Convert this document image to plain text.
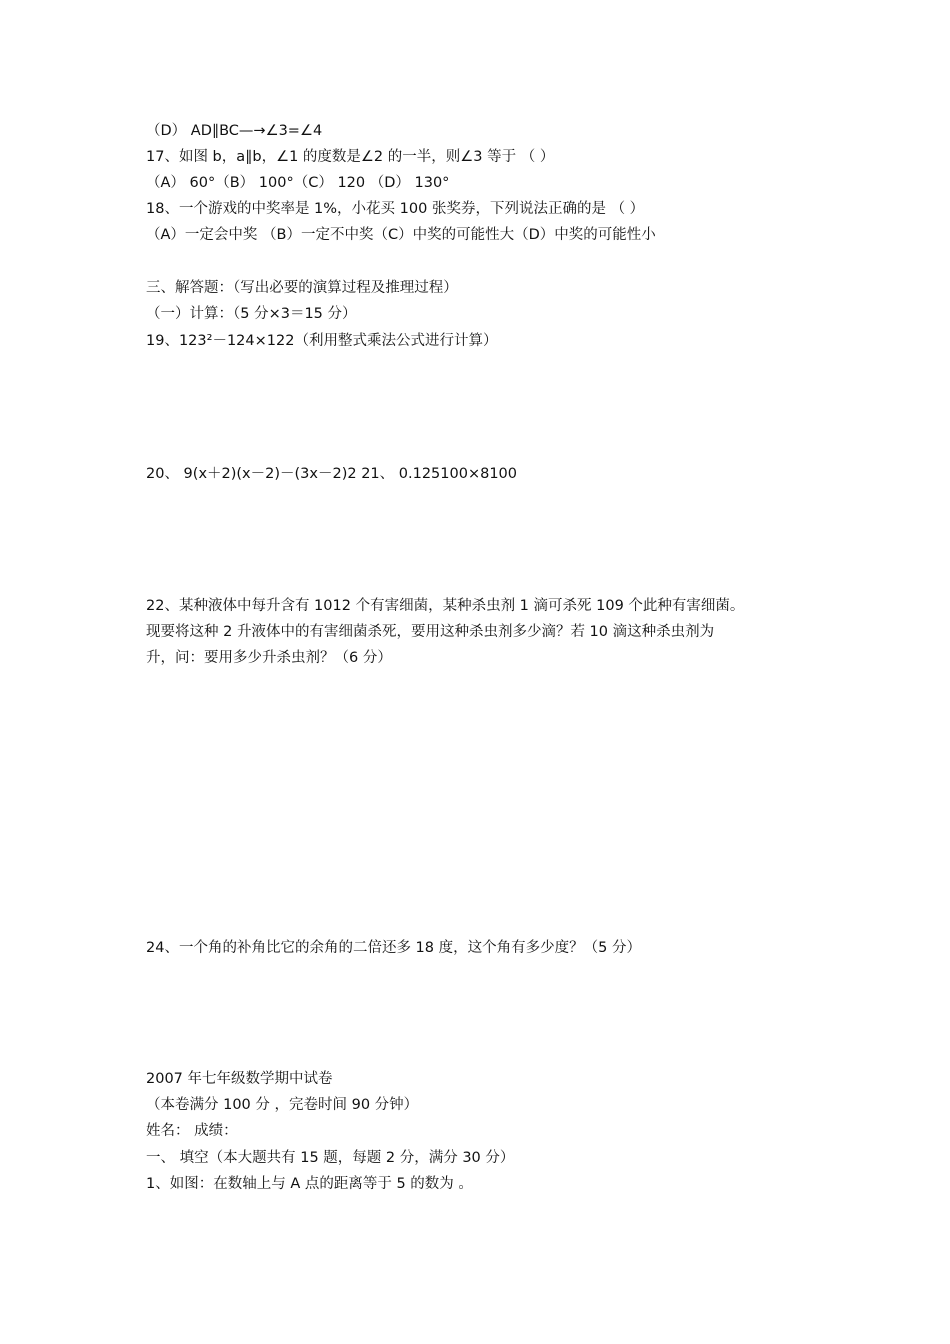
（D） AD∥BC—→∠3=∠4
17、如图 b，a∥b，∠1 的度数是∠2 的一半，则∠3 等于 （ ）
（A） 60°（B） 100°（C） 120 （D） 130°
18、一个游戏的中奖率是 1%，小花买 100 张奖券，下列说法正确的是 （ ）
（A）一定会中奖 （B）一定不中奖（C）中奖的可能性大（D）中奖的可能性小
三、解答题：（写出必要的演算过程及推理过程）
（一）计算：（5 分×3＝15 分）
19、123²－124×122（利用整式乘法公式进行计算）
20、 9(x＋2)(x－2)－(3x－2)2 21、 0.125100×8100
22、某种液体中每升含有 1012 个有害细菌，某种杀虫剂 1 滴可杀死 109 个此种有害细菌。
现要将这种 2 升液体中的有害细菌杀死，要用这种杀虫剂多少滴？若 10 滴这种杀虫剂为
升，问：要用多少升杀虫剂？（6 分）
24、一个角的补角比它的余角的二倍还多 18 度，这个角有多少度？（5 分）
2007 年七年级数学期中试卷
（本卷满分 100 分 ，完卷时间 90 分钟）
姓名： 成绩：
一、 填空（本大题共有 15 题，每题 2 分，满分 30 分）
1、如图：在数轴上与 A 点的距离等于 5 的数为 。
